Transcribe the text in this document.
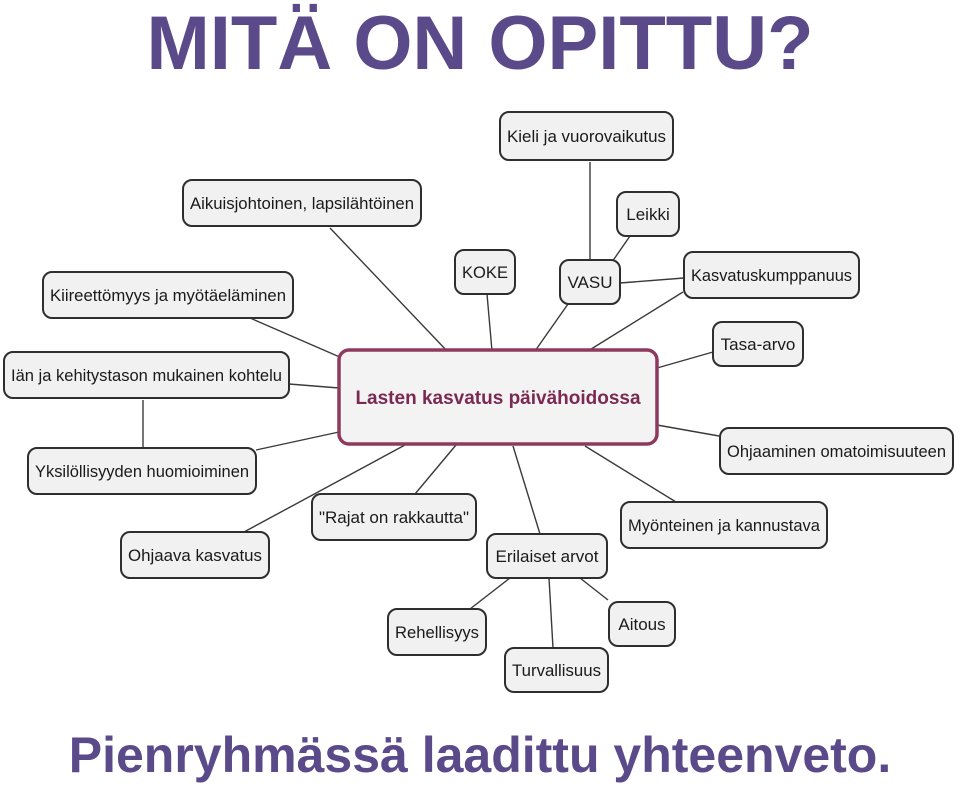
MITÄ ON OPITTU?
Lasten kasvatus päivähoidossa
Kieli ja vuorovaikutus
Aikuisjohtoinen, lapsilähtöinen
Leikki
KOKE
VASU	Kasvatuskumppanuus
Kiireettömyys ja myötäeläminen
Tasa-arvo
Iän ja kehitystason mukainen kohtelu
Ohjaaminen omatoimisuuteen
Yksilöllisyyden huomioiminen
"Rajat on rakkautta"	Myönteinen ja kannustava
Ohjaava kasvatus	Erilaiset arvot
Rehellisyys	Aitous
Turvallisuus
Pienryhmässä laadittu yhteenveto.
